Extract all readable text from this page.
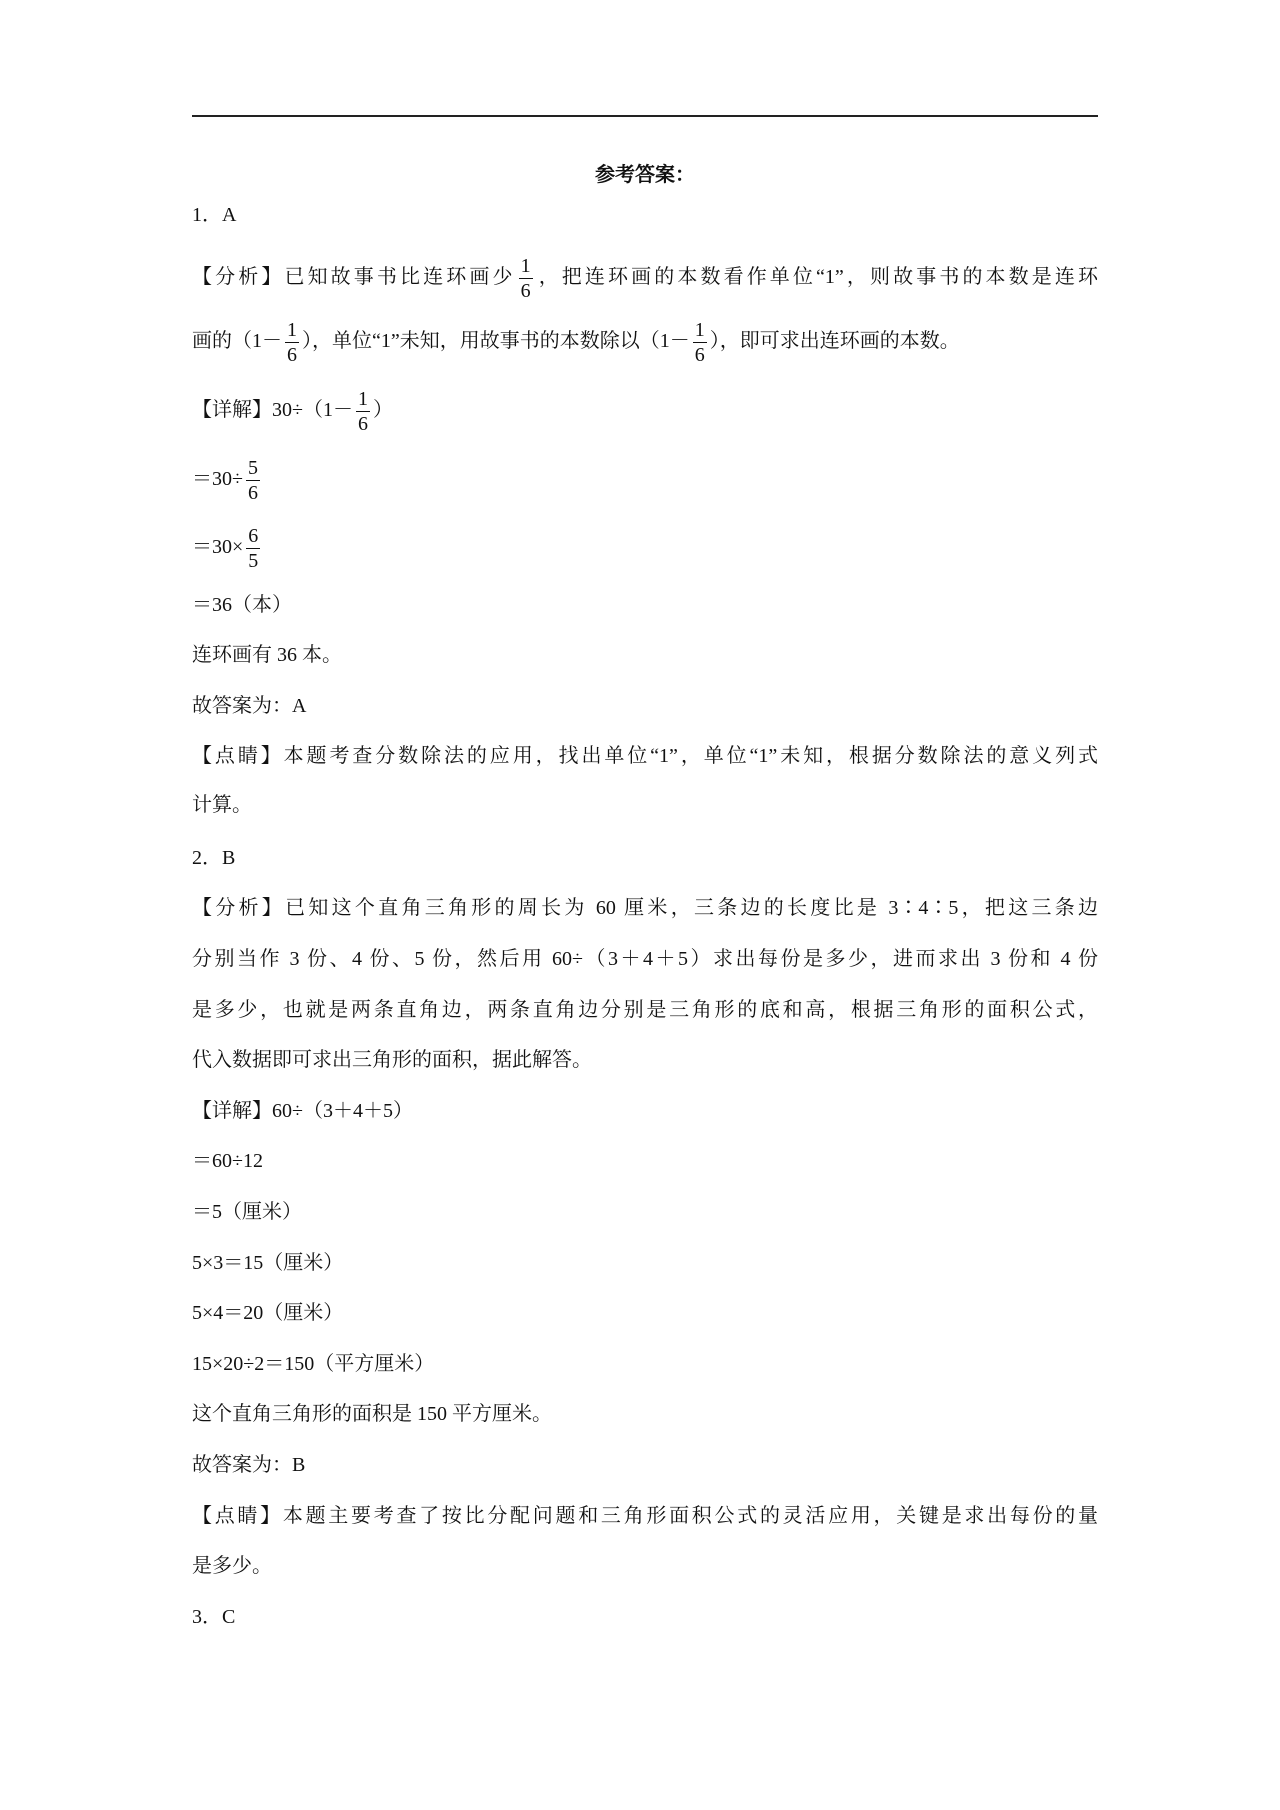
参考答案：
1．A
【分析】已知故事书比连环画少 $\frac{1}{6}$ ，把连环画的本数看作单位“1”，则故事书的本数是连环
画的（$1- \frac{1}{6}$ ），单位“1”未知，用故事书的本数除以（$1- \frac{1}{6}$ ），即可求出连环画的本数。
【详解】$30\div(1- \frac{1}{6}$ ）
$=30\div \frac{5}{6}$
$=30\times \frac{6}{5}$
＝36（本）
连环画有 36 本。
故答案为：A
【点睛】本题考查分数除法的应用，找出单位“1”，单位“1”未知，根据分数除法的意义列式
计算。
2．B
【分析】已知这个直角三角形的周长为 60 厘米，三条边的长度比是 3∶4∶5，把这三条边
分别当作 3 份、4 份、5 份，然后用 60÷（3＋4＋5）求出每份是多少，进而求出 3 份和 4 份
是多少，也就是两条直角边，两条直角边分别是三角形的底和高，根据三角形的面积公式，
代入数据即可求出三角形的面积，据此解答。
【详解】60÷（3＋4＋5）
＝60÷12
＝5（厘米）
5×3＝15（厘米）
5×4＝20（厘米）
15×20÷2＝150（平方厘米）
这个直角三角形的面积是 150 平方厘米。
故答案为：B
【点睛】本题主要考查了按比分配问题和三角形面积公式的灵活应用，关键是求出每份的量
是多少。
3．C
